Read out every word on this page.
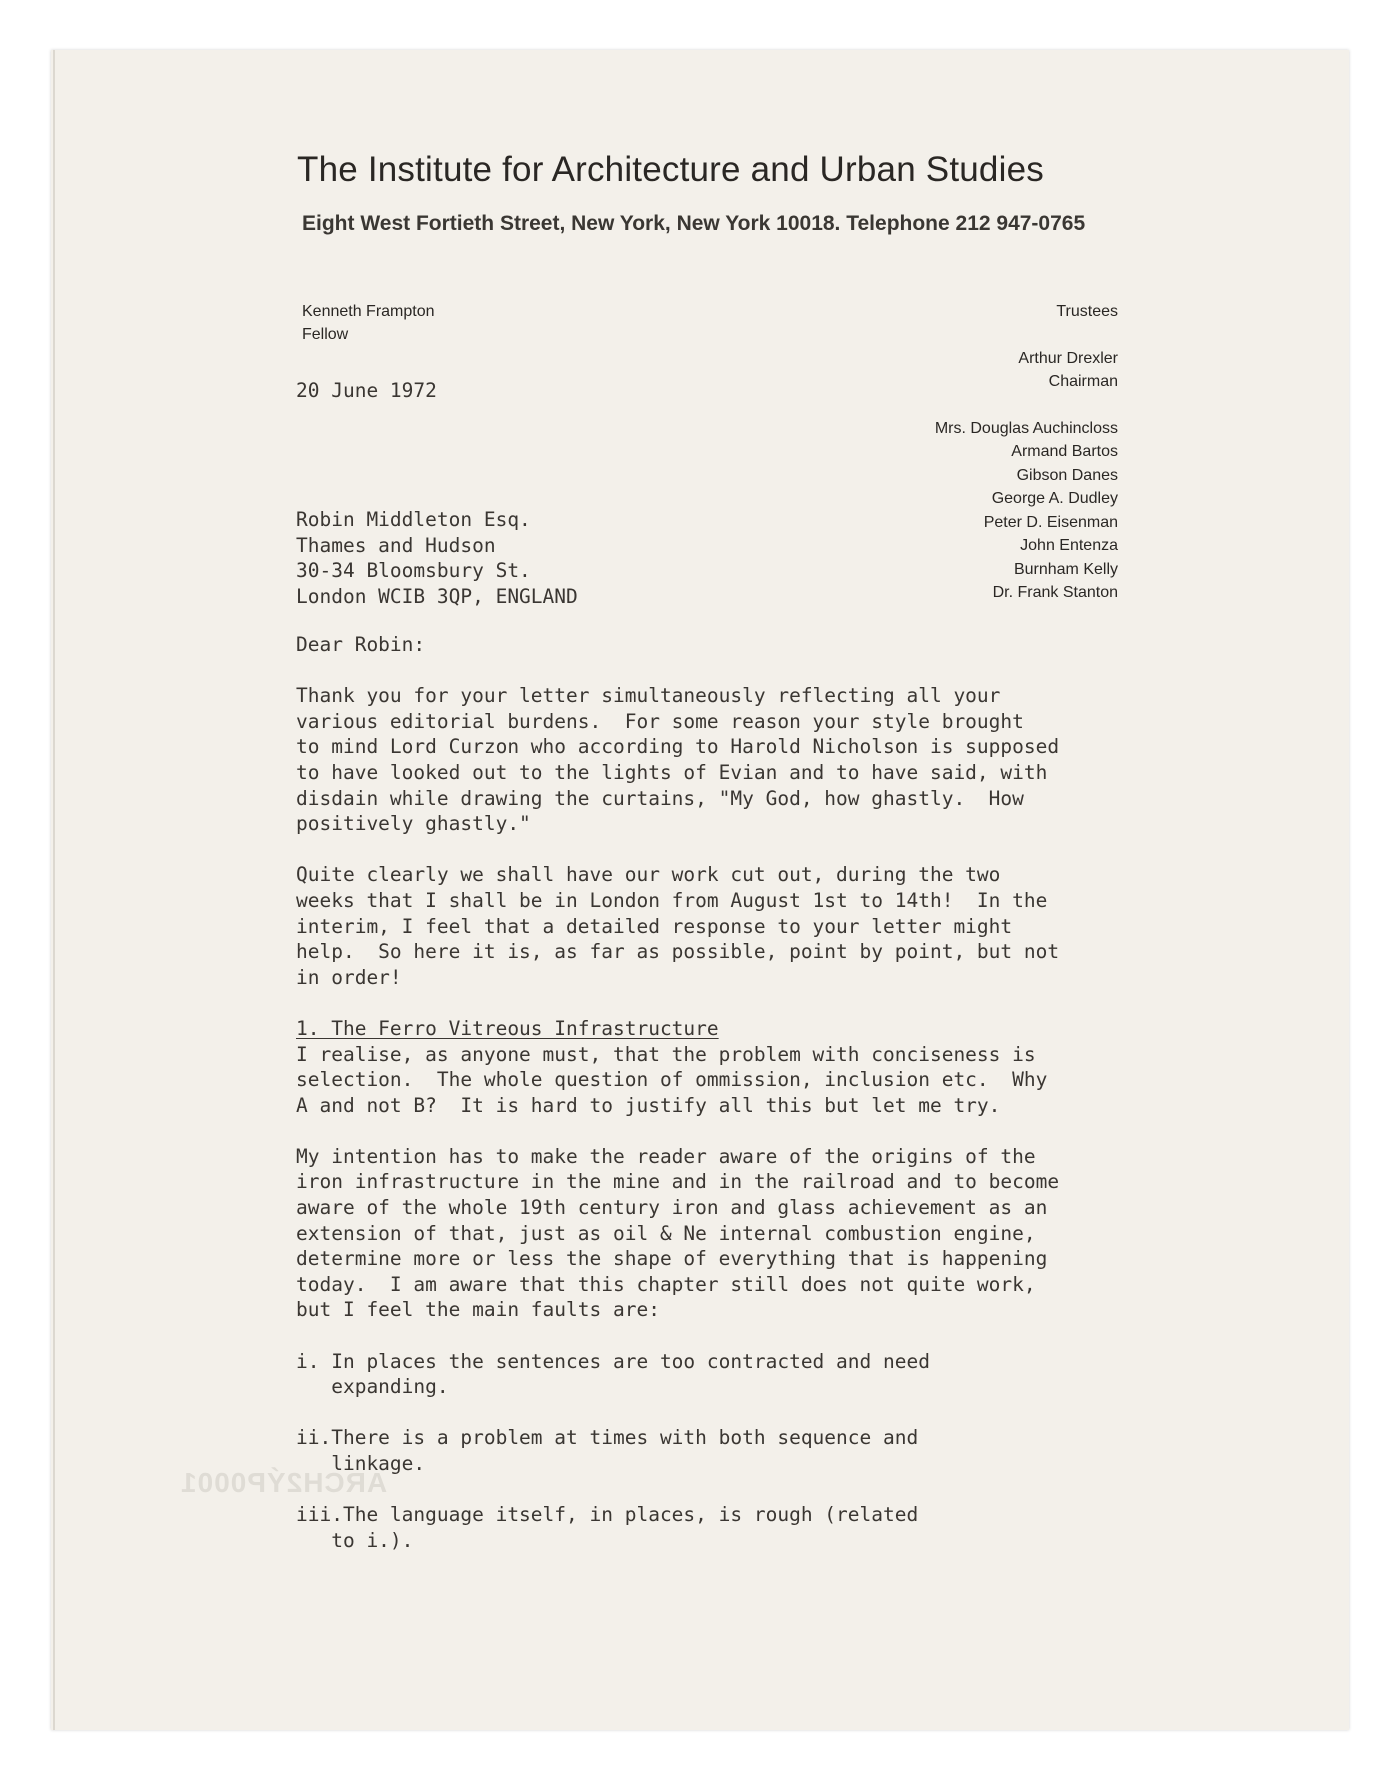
The Institute for Architecture and Urban Studies
Eight West Fortieth Street, New York, New York 10018. Telephone 212 947-0765
Kenneth Frampton
Fellow
Trustees
Arthur Drexler
Chairman
Mrs. Douglas Auchincloss
Armand Bartos
Gibson Danes
George A. Dudley
Peter D. Eisenman
John Entenza
Burnham Kelly
Dr. Frank Stanton
20 June 1972
Robin Middleton Esq.
Thames and Hudson
30-34 Bloomsbury St.
London WCIB 3QP, ENGLAND

Dear Robin:

Thank you for your letter simultaneously reflecting all your

various editorial burdens.  For some reason your style brought

to mind Lord Curzon who according to Harold Nicholson is supposed

to have looked out to the lights of Evian and to have said, with

disdain while drawing the curtains, "My God, how ghastly.  How

positively ghastly."

Quite clearly we shall have our work cut out, during the two

weeks that I shall be in London from August 1st to 14th!  In the

interim, I feel that a detailed response to your letter might

help.  So here it is, as far as possible, point by point, but not

in order!

1. The Ferro Vitreous Infrastructure

I realise, as anyone must, that the problem with conciseness is

selection.  The whole question of ommission, inclusion etc.  Why

A and not B?  It is hard to justify all this but let me try.

My intention has to make the reader aware of the origins of the

iron infrastructure in the mine and in the railroad and to become

aware of the whole 19th century iron and glass achievement as an

extension of that, just as oil & Ne internal combustion engine,

determine more or less the shape of everything that is happening

today.  I am aware that this chapter still does not quite work,

but I feel the main faults are:

i. In places the sentences are too contracted and need

expanding.

ii.There is a problem at times with both sequence and

linkage.

iii.The language itself, in places, is rough (related

to i.).

ARCH2ÝP0001
